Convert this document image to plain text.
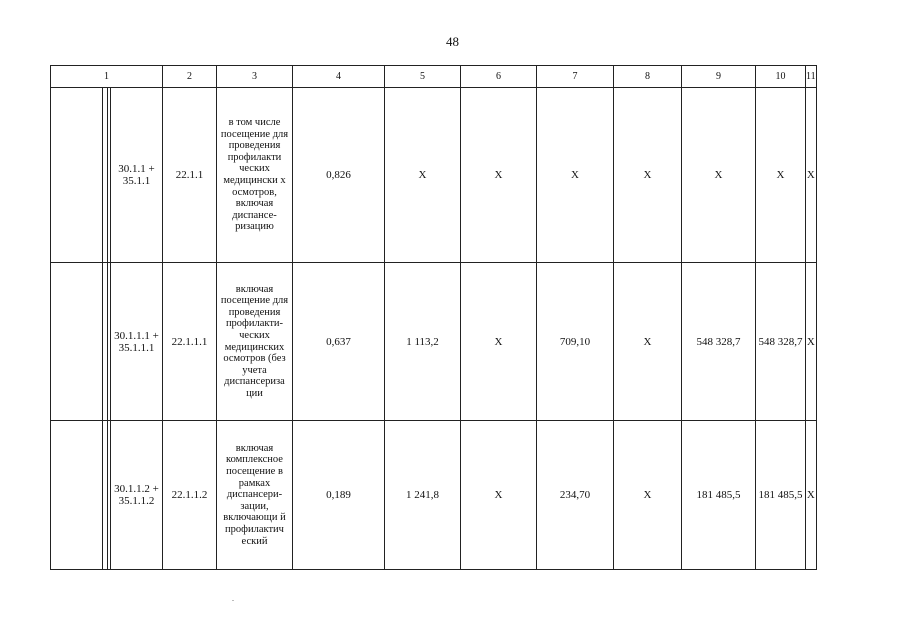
48
1		2	3	4	5	6	7	8	9	10	11

	30.1.1 + 35.1.1	22.1.1	в том числе посещение для проведения профилакти ческих медицински х осмотров, включая диспансе-ризацию	0,826	Х	Х	Х	Х	Х	Х	Х

	30.1.1.1 + 35.1.1.1	22.1.1.1	включая посещение для проведения профилакти-ческих медицинских осмотров (без учета диспансериза ции	0,637	1 113,2	Х	709,10	Х	548 328,7	548 328,7	Х

	30.1.1.2 + 35.1.1.2	22.1.1.2	включая комплексное посещение в рамках диспансери-зации, включающи й профилактич еский	0,189	1 241,8	Х	234,70	Х	181 485,5	181 485,5	Х
